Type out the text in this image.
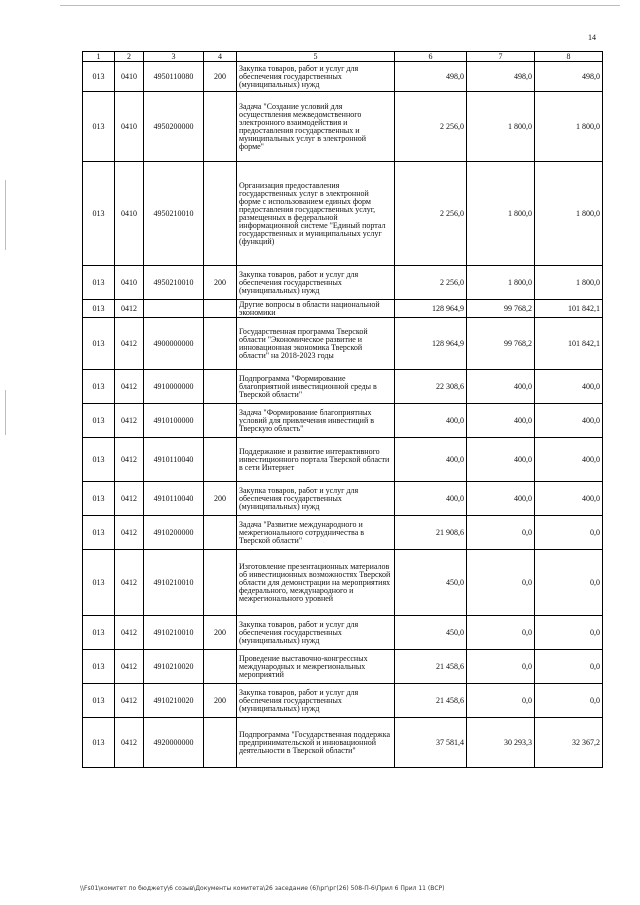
14
1	2	3	4	5	6	7	8
013	0410	4950110080	200	Закупка товаров, работ и услуг для обеспечения государственных (муниципальных) нужд	498,0	498,0	498,0
013	0410	4950200000		Задача "Создание условий для осуществления межведомственного электронного взаимодействия и предоставления государственных и муниципальных услуг в электронной форме"	2 256,0	1 800,0	1 800,0
013	0410	4950210010		Организация предоставления государственных услуг в электронной форме с использованием единых форм предоставления государственных услуг, размещенных в федеральной информационной системе "Единый портал государственных и муниципальных услуг (функций)	2 256,0	1 800,0	1 800,0
013	0410	4950210010	200	Закупка товаров, работ и услуг для обеспечения государственных (муниципальных) нужд	2 256,0	1 800,0	1 800,0
013	0412			Другие вопросы в области национальной экономики	128 964,9	99 768,2	101 842,1
013	0412	4900000000		Государственная программа Тверской области "Экономическое развитие и инновационная экономика Тверской области" на 2018-2023 годы	128 964,9	99 768,2	101 842,1
013	0412	4910000000		Подпрограмма "Формирование благоприятной инвестиционной среды в Тверской области"	22 308,6	400,0	400,0
013	0412	4910100000		Задача "Формирование благоприятных условий для привлечения инвестиций в Тверскую область"	400,0	400,0	400,0
013	0412	4910110040		Поддержание и развитие интерактивного инвестиционного портала Тверской области в сети Интернет	400,0	400,0	400,0
013	0412	4910110040	200	Закупка товаров, работ и услуг для обеспечения государственных (муниципальных) нужд	400,0	400,0	400,0
013	0412	4910200000		Задача "Развитие международного и межрегионального сотрудничества в Тверской области"	21 908,6	0,0	0,0
013	0412	4910210010		Изготовление презентационных материалов об инвестиционных возможностях Тверской области для демонстрации на мероприятиях федерального, международного и межрегионального уровней	450,0	0,0	0,0
013	0412	4910210010	200	Закупка товаров, работ и услуг для обеспечения государственных (муниципальных) нужд	450,0	0,0	0,0
013	0412	4910210020		Проведение выставочно-конгрессных международных и межрегиональных мероприятий	21 458,6	0,0	0,0
013	0412	4910210020	200	Закупка товаров, работ и услуг для обеспечения государственных (муниципальных) нужд	21 458,6	0,0	0,0
013	0412	4920000000		Подпрограмма "Государственная поддержка предпринимательской и инновационной деятельности в Тверской области"	37 581,4	30 293,3	32 367,2
\\Fs01\комитет по бюджету\6 созыв\Документы комитета\26 заседание (6)\рг\рг(26) 508-П-6\Прил 6 Прил 11 (ВСР)
